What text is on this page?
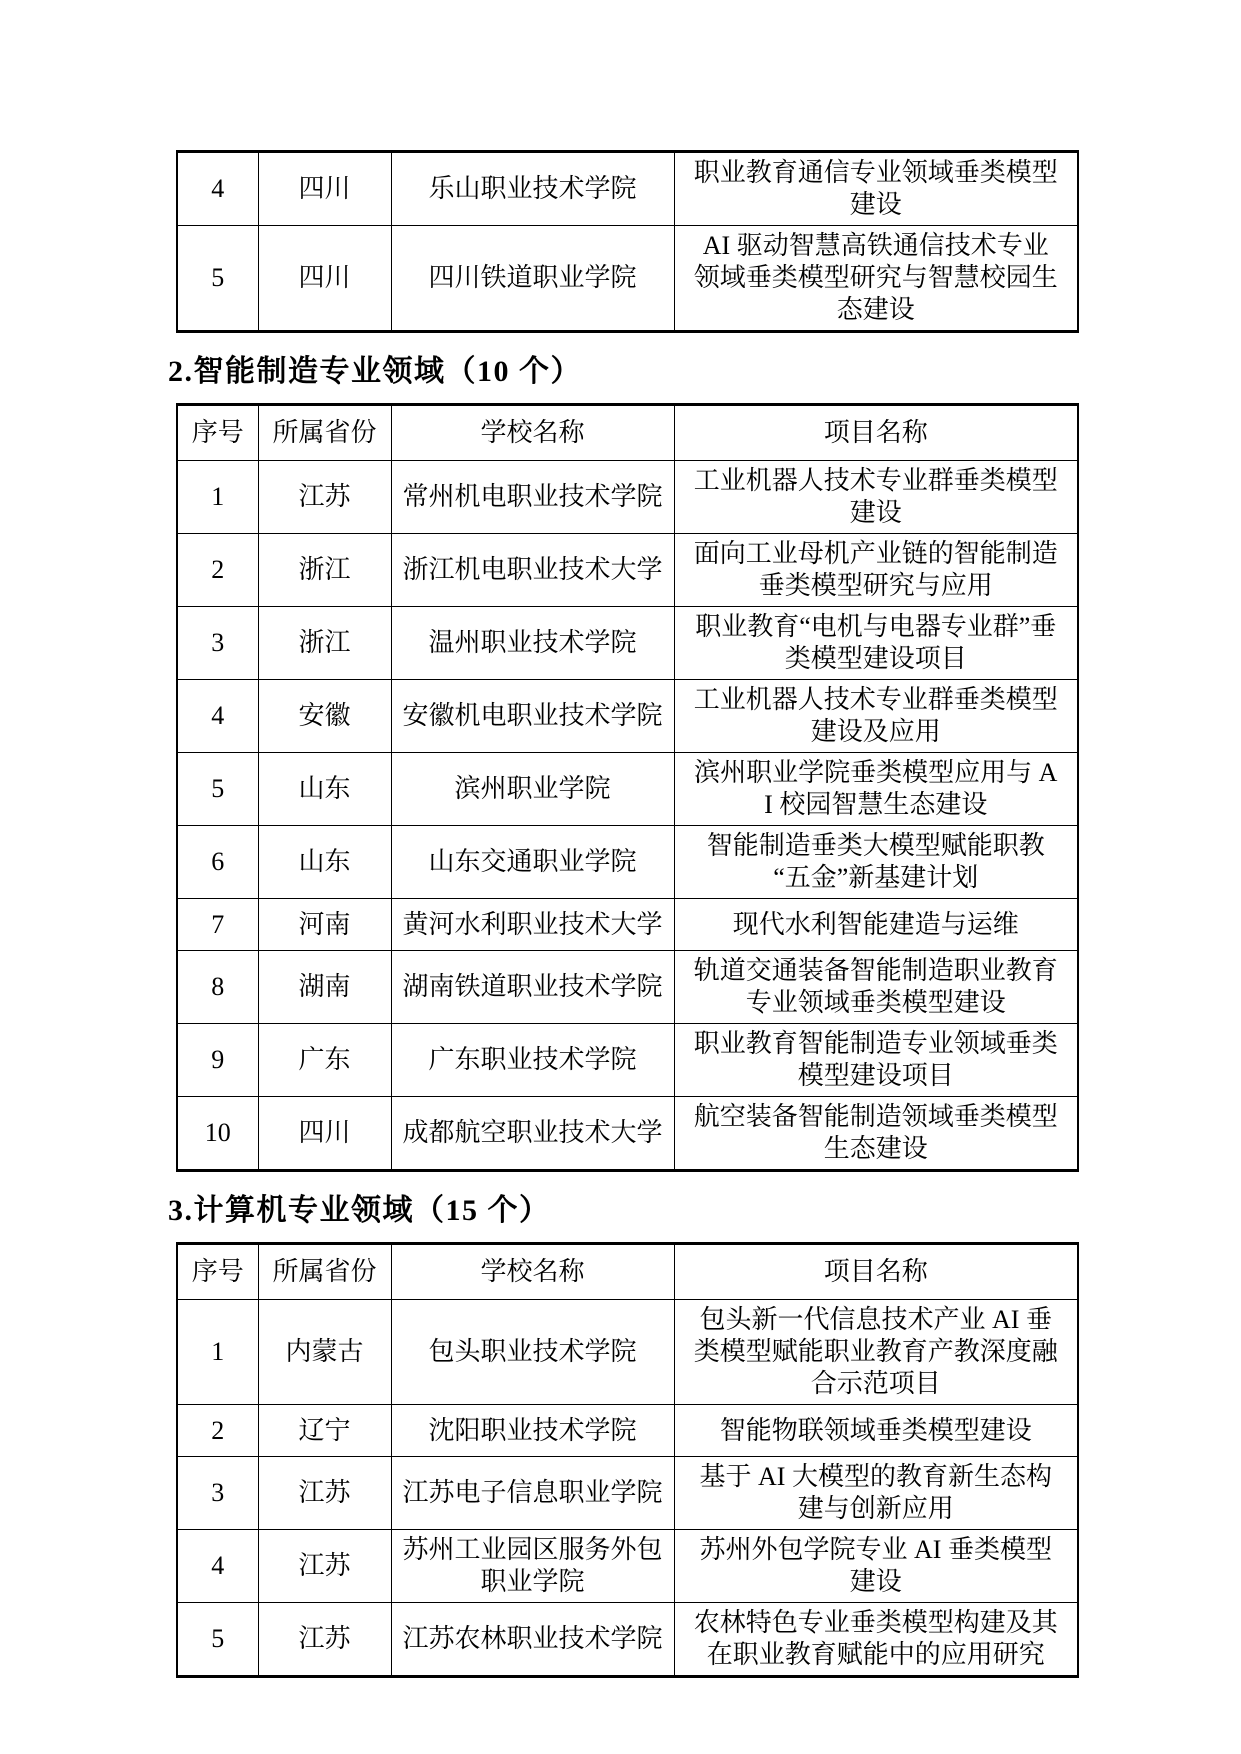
4	四川	乐山职业技术学院	职业教育通信专业领域垂类模型建设
5	四川	四川铁道职业学院	AI 驱动智慧高铁通信技术专业领域垂类模型研究与智慧校园生态建设
2.智能制造专业领域（10 个）
序号	所属省份	学校名称	项目名称
1	江苏	常州机电职业技术学院	工业机器人技术专业群垂类模型建设
2	浙江	浙江机电职业技术大学	面向工业母机产业链的智能制造垂类模型研究与应用
3	浙江	温州职业技术学院	职业教育“电机与电器专业群”垂类模型建设项目
4	安徽	安徽机电职业技术学院	工业机器人技术专业群垂类模型建设及应用
5	山东	滨州职业学院	滨州职业学院垂类模型应用与 AI 校园智慧生态建设
6	山东	山东交通职业学院	智能制造垂类大模型赋能职教“五金”新基建计划
7	河南	黄河水利职业技术大学	现代水利智能建造与运维
8	湖南	湖南铁道职业技术学院	轨道交通装备智能制造职业教育专业领域垂类模型建设
9	广东	广东职业技术学院	职业教育智能制造专业领域垂类模型建设项目
10	四川	成都航空职业技术大学	航空装备智能制造领域垂类模型生态建设
3.计算机专业领域（15 个）
序号	所属省份	学校名称	项目名称
1	内蒙古	包头职业技术学院	包头新一代信息技术产业 AI 垂类模型赋能职业教育产教深度融合示范项目
2	辽宁	沈阳职业技术学院	智能物联领域垂类模型建设
3	江苏	江苏电子信息职业学院	基于 AI 大模型的教育新生态构建与创新应用
4	江苏	苏州工业园区服务外包职业学院	苏州外包学院专业 AI 垂类模型建设
5	江苏	江苏农林职业技术学院	农林特色专业垂类模型构建及其在职业教育赋能中的应用研究
